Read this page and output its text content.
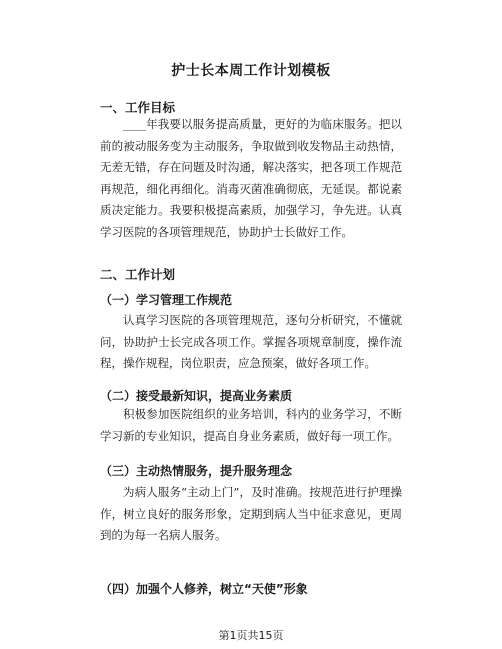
护士长本周工作计划模板
一、工作目标

____年我要以服务提高质量，更好的为临床服务。把以前的被动服务变为主动服务，争取做到收发物品主动热情，无差无错，存在问题及时沟通，解决落实，把各项工作规范再规范，细化再细化。消毒灭菌准确彻底，无延误。都说素质决定能力。我要积极提高素质，加强学习，争先进。认真学习医院的各项管理规范，协助护士长做好工作。

二、工作计划
（一）学习管理工作规范

认真学习医院的各项管理规范，逐句分析研究，不懂就问，协助护士长完成各项工作。掌握各项规章制度，操作流程，操作规程，岗位职责，应急预案，做好各项工作。

（二）接受最新知识，提高业务素质

积极参加医院组织的业务培训，科内的业务学习，不断学习新的专业知识，提高自身业务素质，做好每一项工作。

（三）主动热情服务，提升服务理念

为病人服务“主动上门”，及时准确。按规范进行护理操作，树立良好的服务形象，定期到病人当中征求意见，更周到的为每一名病人服务。

（四）加强个人修养，树立“天使”形象
第1页共15页
